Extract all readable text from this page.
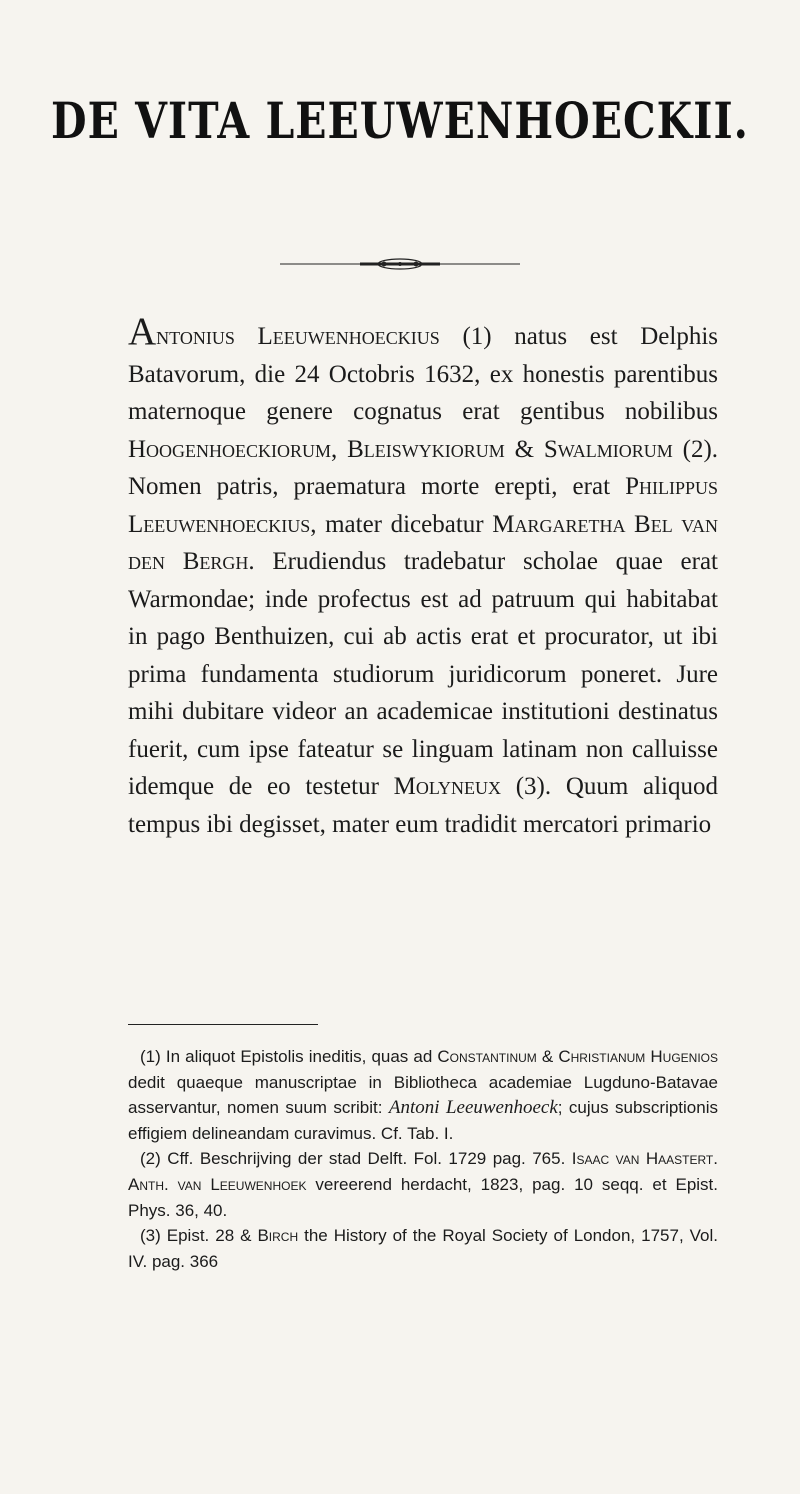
DE VITA LEEUWENHOECKII.

Antonius Leeuwenhoeckius (1) natus est Delphis Batavorum, die 24 Octobris 1632, ex honestis parentibus maternoque genere cognatus erat gentibus nobilibus Hoogenhoeckiorum, Bleiswykiorum & Swalmiorum (2). Nomen patris, praematura morte erepti, erat Philippus Leeuwenhoeckius, mater dicebatur Margaretha Bel van den Bergh. Erudiendus tradebatur scholae quae erat Warmondae; inde profectus est ad patruum qui habitabat in pago Benthuizen, cui ab actis erat et procurator, ut ibi prima fundamenta studiorum juridicorum poneret. Jure mihi dubitare videor an academicae institutioni destinatus fuerit, cum ipse fateatur se linguam latinam non calluisse idemque de eo testetur Molyneux (3). Quum aliquod tempus ibi degisset, mater eum tradidit mercatori primario

(1) In aliquot Epistolis ineditis, quas ad Constantinum & Christianum Hugenios dedit quaeque manuscriptae in Bibliotheca academiae Lugduno-Batavae asservantur, nomen suum scribit: Antoni Leeuwenhoeck; cujus subscriptionis effigiem delineandam curavimus. Cf. Tab. I.

(2) Cff. Beschrijving der stad Delft. Fol. 1729 pag. 765. Isaac van Haastert. Anth. van Leeuwenhoek vereerend herdacht, 1823, pag. 10 seqq. et Epist. Phys. 36, 40.

(3) Epist. 28 & Birch the History of the Royal Society of London, 1757, Vol. IV. pag. 366
